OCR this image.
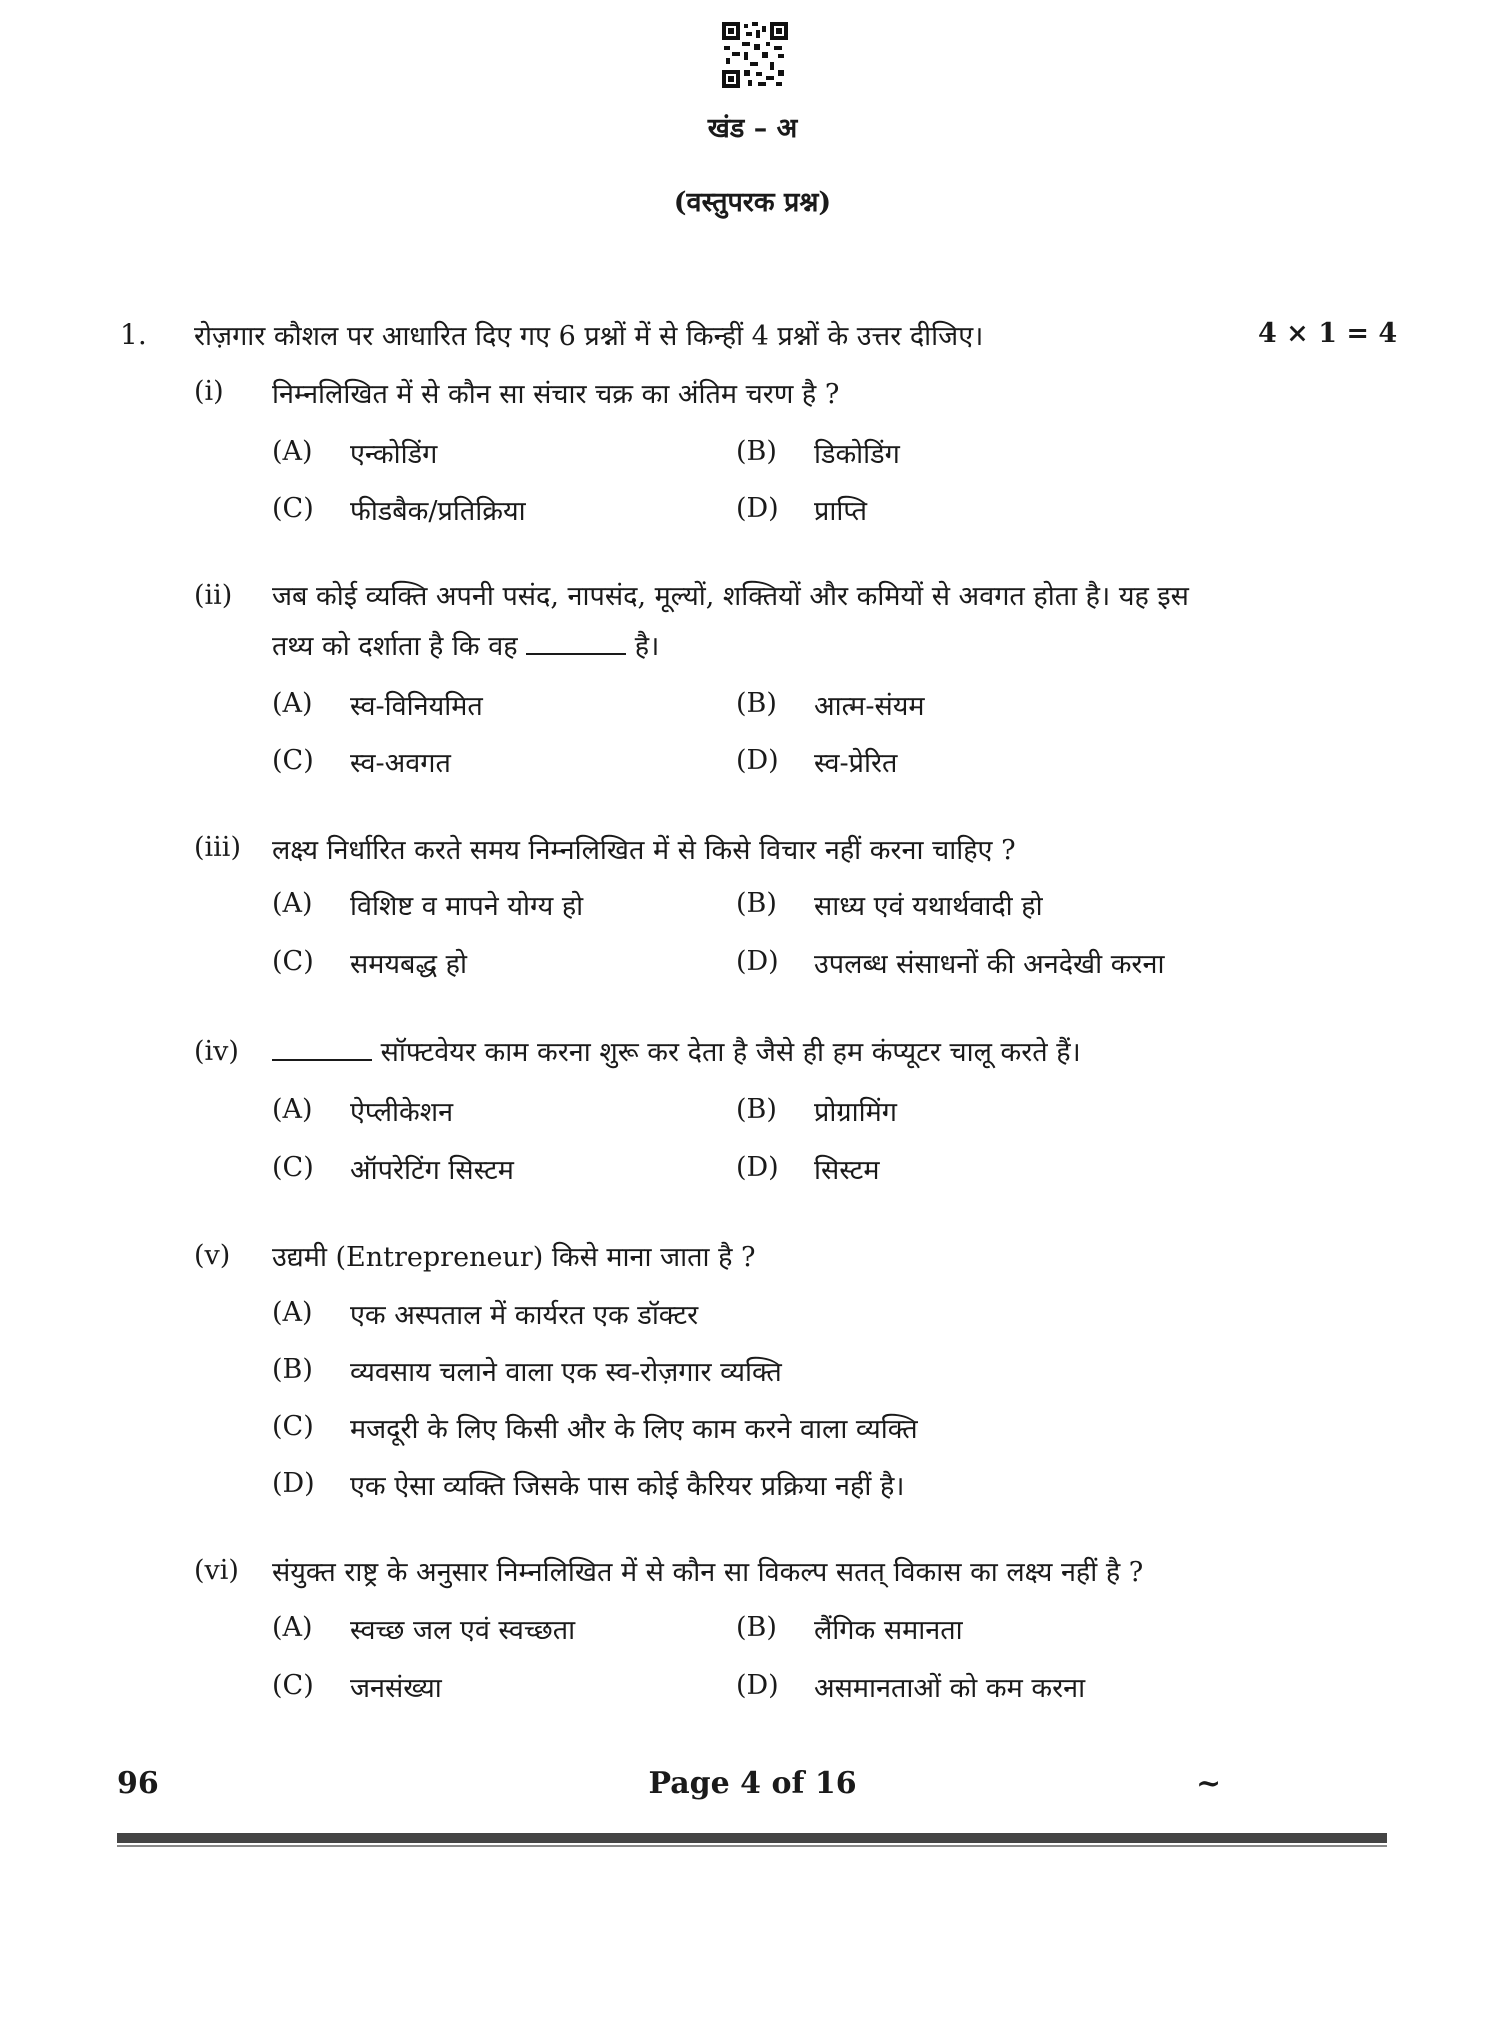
खंड – अ
(वस्तुपरक प्रश्न)
1. रोज़गार कौशल पर आधारित दिए गए 6 प्रश्नों में से किन्हीं 4 प्रश्नों के उत्तर दीजिए।	4 × 1 = 4
(i) निम्नलिखित में से कौन सा संचार चक्र का अंतिम चरण है ?
(A) एन्कोडिंग	(B) डिकोडिंग
(C) फीडबैक/प्रतिक्रिया	(D) प्राप्ति
(ii) जब कोई व्यक्ति अपनी पसंद, नापसंद, मूल्यों, शक्तियों और कमियों से अवगत होता है। यह इस
तथ्य को दर्शाता है कि वह	है।
(A) स्व-विनियमित	(B) आत्म-संयम
(C) स्व-अवगत	(D) स्व-प्रेरित
(iii) लक्ष्य निर्धारित करते समय निम्नलिखित में से किसे विचार नहीं करना चाहिए ?
(A) विशिष्ट व मापने योग्य हो	(B) साध्य एवं यथार्थवादी हो
(C) समयबद्ध हो	(D) उपलब्ध संसाधनों की अनदेखी करना
(iv)	सॉफ्टवेयर काम करना शुरू कर देता है जैसे ही हम कंप्यूटर चालू करते हैं।
(A) ऐप्लीकेशन	(B) प्रोग्रामिंग
(C) ऑपरेटिंग सिस्टम	(D) सिस्टम
(v) उद्यमी (Entrepreneur) किसे माना जाता है ?
(A) एक अस्पताल में कार्यरत एक डॉक्टर
(B) व्यवसाय चलाने वाला एक स्व-रोज़गार व्यक्ति
(C) मजदूरी के लिए किसी और के लिए काम करने वाला व्यक्ति
(D) एक ऐसा व्यक्ति जिसके पास कोई कैरियर प्रक्रिया नहीं है।
(vi) संयुक्त राष्ट्र के अनुसार निम्नलिखित में से कौन सा विकल्प सतत् विकास का लक्ष्य नहीं है ?
(A) स्वच्छ जल एवं स्वच्छता	(B) लैंगिक समानता
(C) जनसंख्या	(D) असमानताओं को कम करना
96	Page 4 of 16	~
